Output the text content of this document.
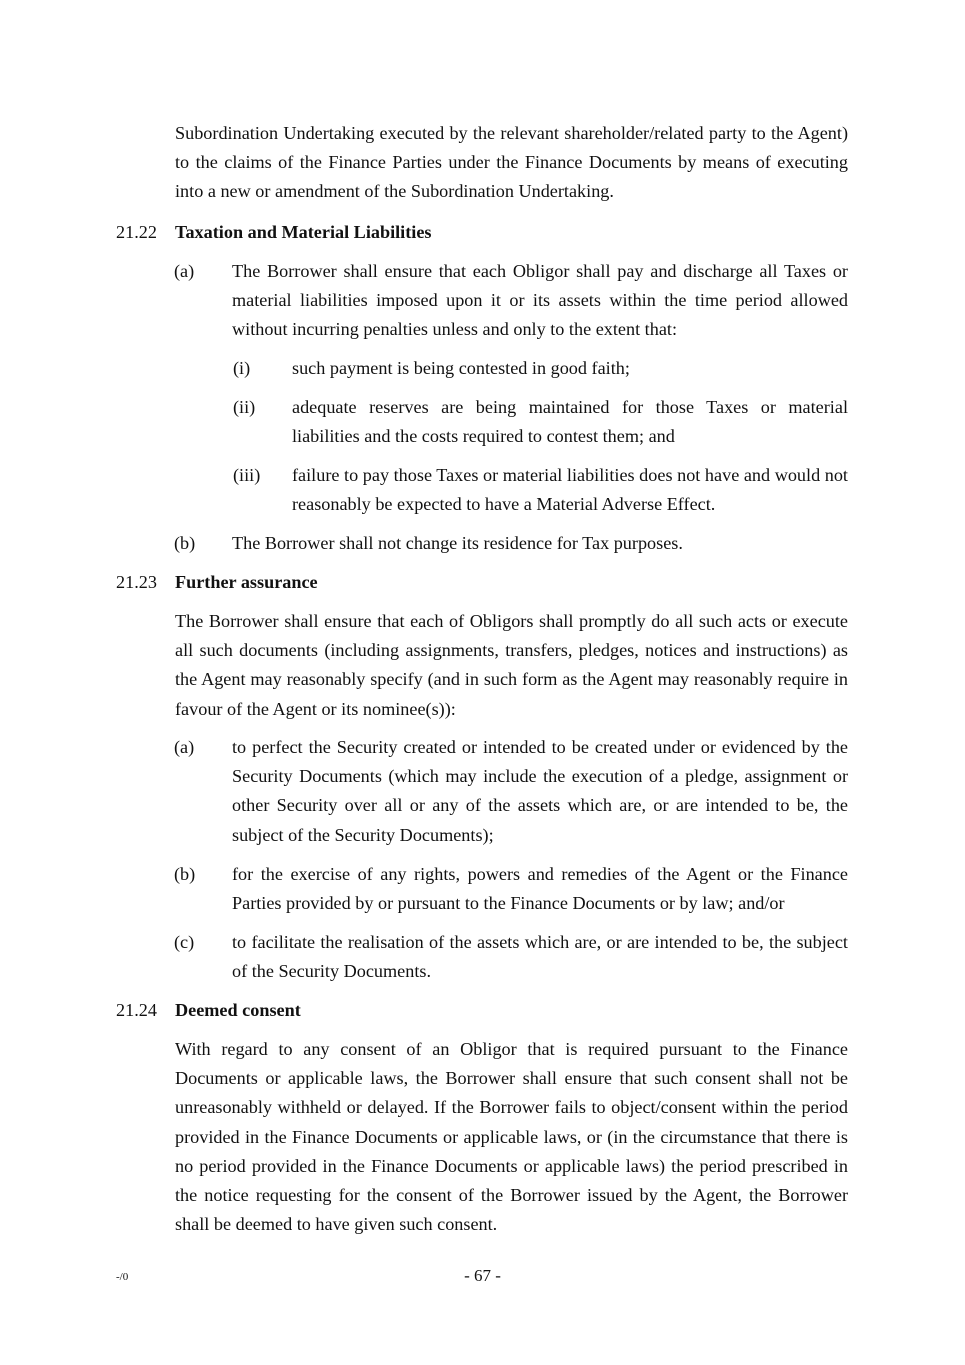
Subordination Undertaking executed by the relevant shareholder/related party to the Agent) to the claims of the Finance Parties under the Finance Documents by means of executing into a new or amendment of the Subordination Undertaking.

21.22 Taxation and Material Liabilities
(a) The Borrower shall ensure that each Obligor shall pay and discharge all Taxes or material liabilities imposed upon it or its assets within the time period allowed without incurring penalties unless and only to the extent that:

(i) such payment is being contested in good faith;

(ii) adequate reserves are being maintained for those Taxes or material liabilities and the costs required to contest them; and

(iii) failure to pay those Taxes or material liabilities does not have and would not reasonably be expected to have a Material Adverse Effect.

(b) The Borrower shall not change its residence for Tax purposes.

21.23 Further assurance

The Borrower shall ensure that each of Obligors shall promptly do all such acts or execute all such documents (including assignments, transfers, pledges, notices and instructions) as the Agent may reasonably specify (and in such form as the Agent may reasonably require in favour of the Agent or its nominee(s)):

(a) to perfect the Security created or intended to be created under or evidenced by the Security Documents (which may include the execution of a pledge, assignment or other Security over all or any of the assets which are, or are intended to be, the subject of the Security Documents);

(b) for the exercise of any rights, powers and remedies of the Agent or the Finance Parties provided by or pursuant to the Finance Documents or by law; and/or

(c) to facilitate the realisation of the assets which are, or are intended to be, the subject of the Security Documents.

21.24 Deemed consent

With regard to any consent of an Obligor that is required pursuant to the Finance Documents or applicable laws, the Borrower shall ensure that such consent shall not be unreasonably withheld or delayed. If the Borrower fails to object/consent within the period provided in the Finance Documents or applicable laws, or (in the circumstance that there is no period provided in the Finance Documents or applicable laws) the period prescribed in the notice requesting for the consent of the Borrower issued by the Agent, the Borrower shall be deemed to have given such consent.

-/0	- 67 -
